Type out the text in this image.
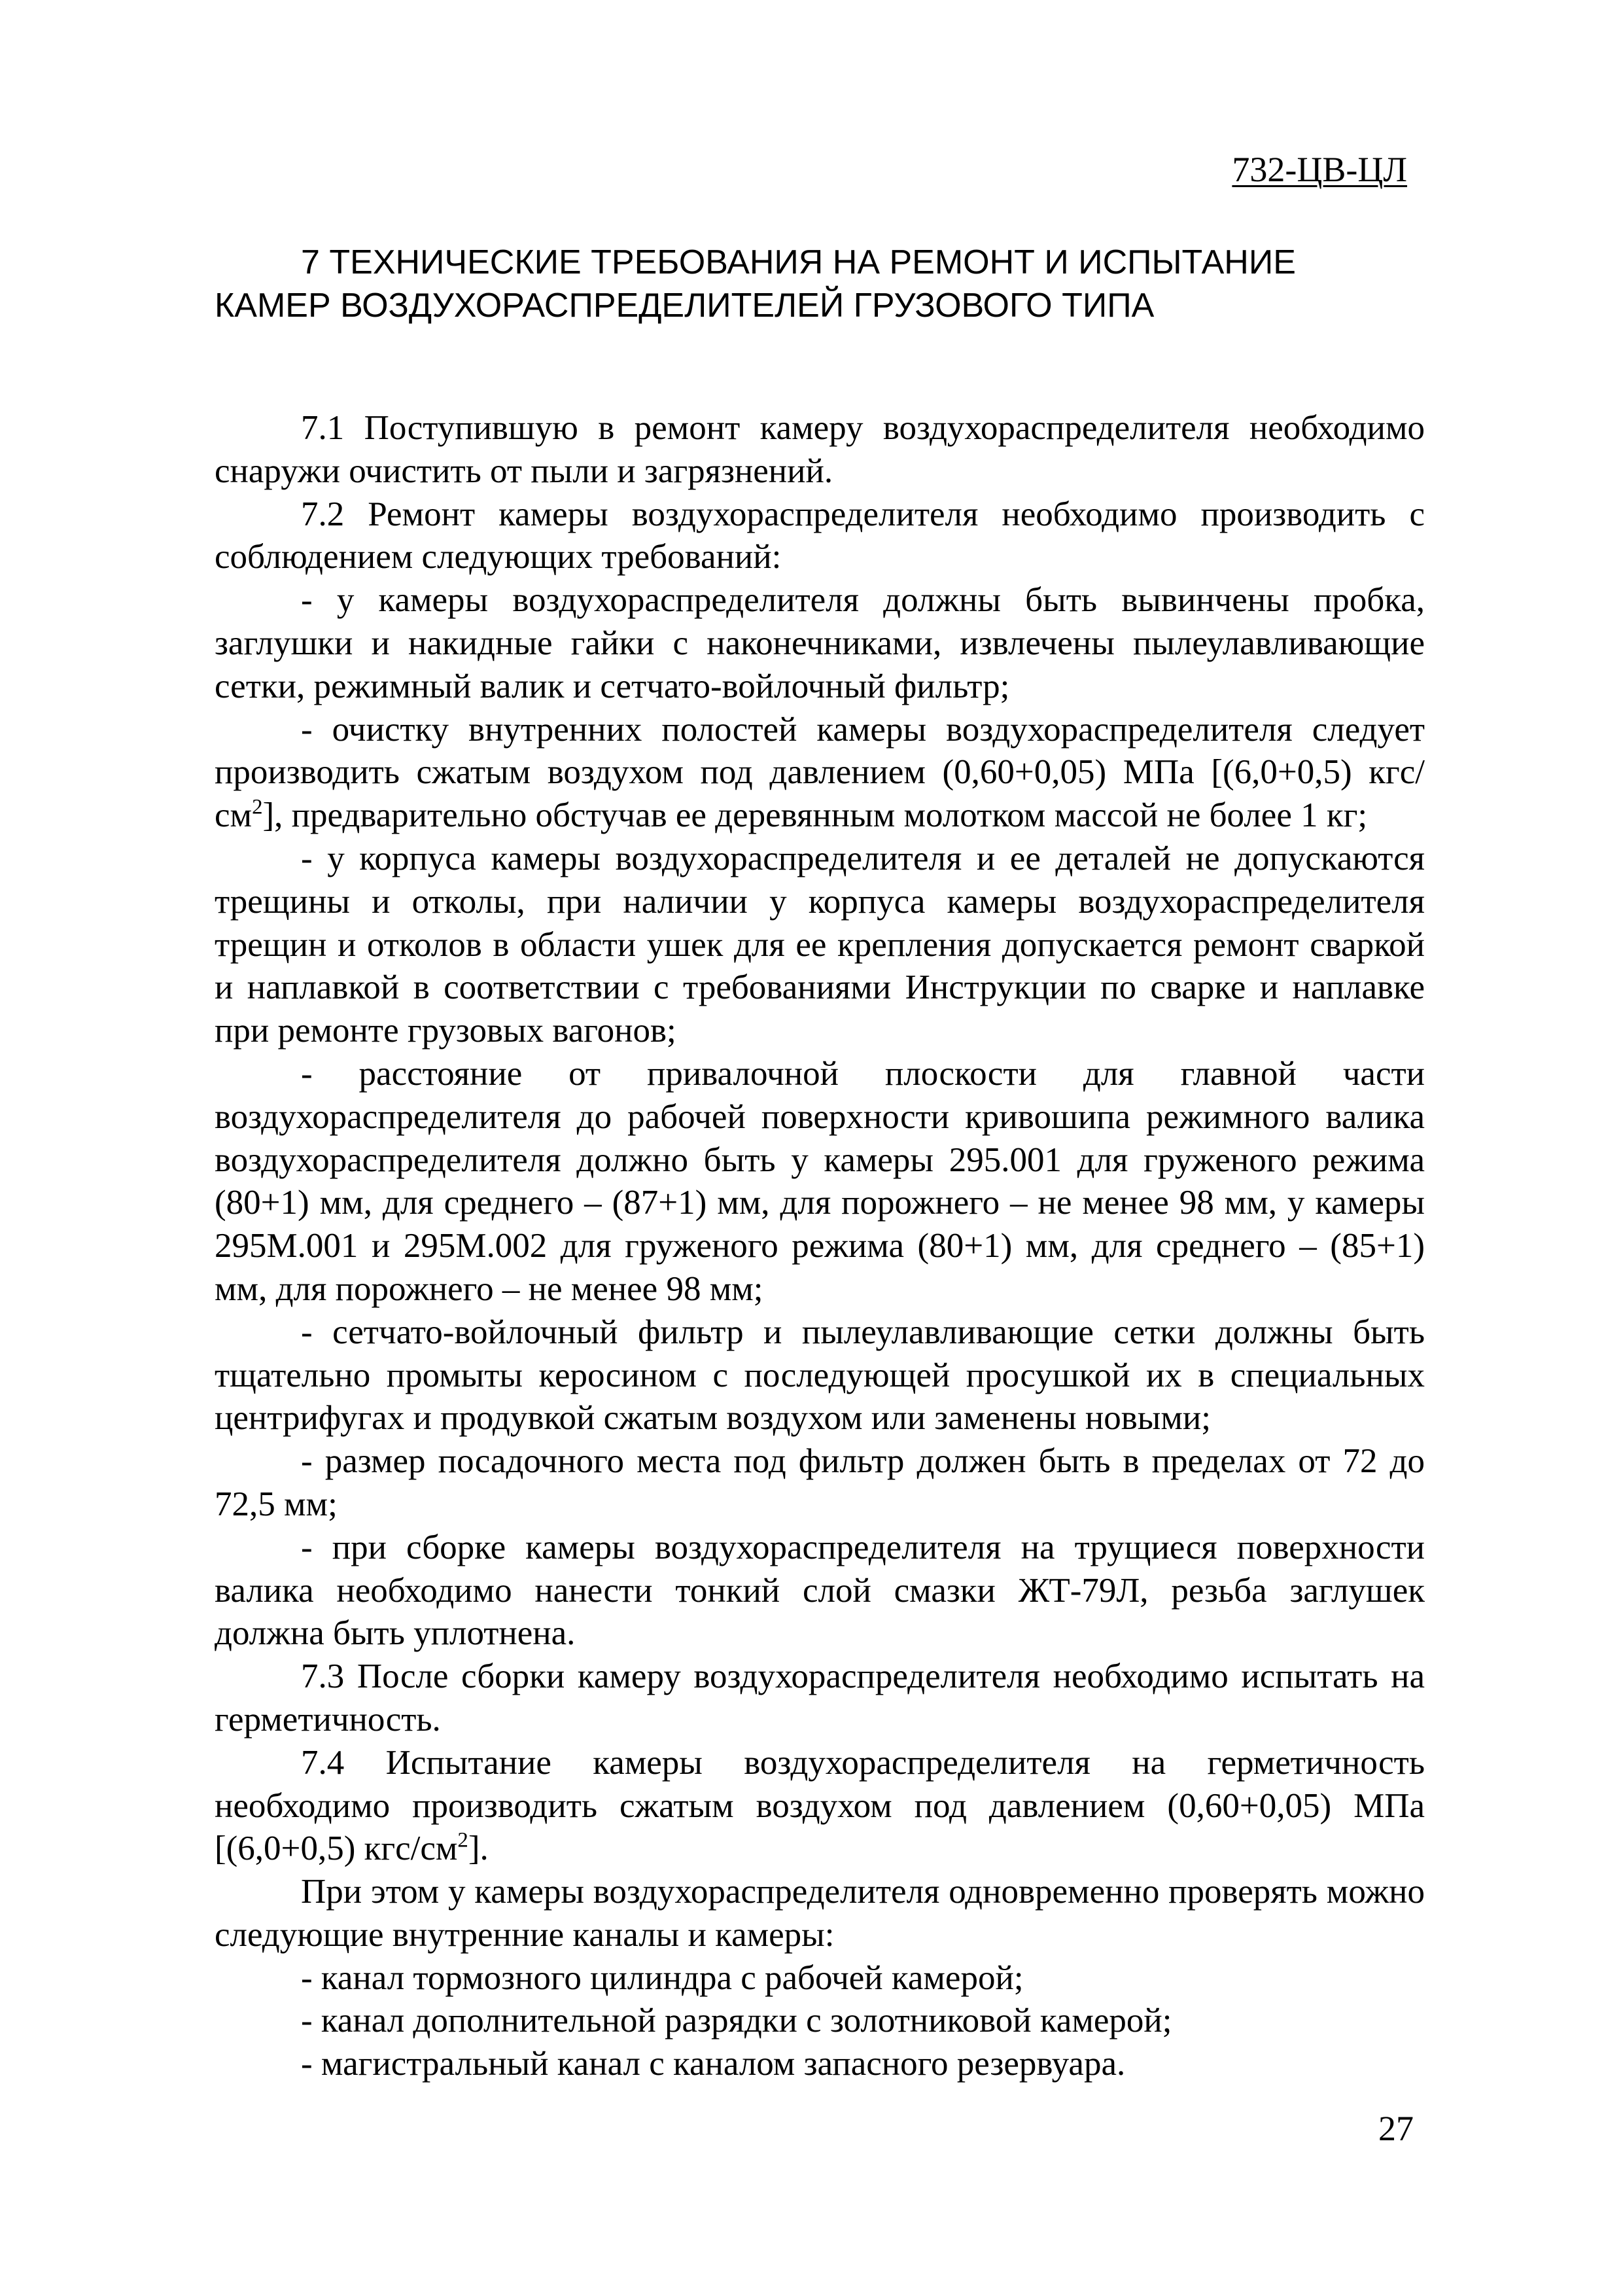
732-ЦВ-ЦЛ
7 ТЕХНИЧЕСКИЕ ТРЕБОВАНИЯ НА РЕМОНТ И ИСПЫТАНИЕ
КАМЕР ВОЗДУХОРАСПРЕДЕЛИТЕЛЕЙ ГРУЗОВОГО ТИПА

7.1 Поступившую в ремонт камеру воздухораспределителя необходимо снаружи очистить от пыли и загрязнений.

7.2 Ремонт камеры воздухораспределителя необходимо производить с соблюдением следующих требований:

- у камеры воздухораспределителя должны быть вывинчены пробка, заглушки и накидные гайки с наконечниками, извлечены пылеулавливающие сетки, режимный валик и сетчато-войлочный фильтр;

- очистку внутренних полостей камеры воздухораспределителя следует производить сжатым воздухом под давлением (0,60+0,05) МПа [(6,0+0,5) кгс/$см^2$], предварительно обстучав ее деревянным молотком массой не более 1 кг;

- у корпуса камеры воздухораспределителя и ее деталей не допускаются трещины и отколы, при наличии у корпуса камеры воздухораспределителя трещин и отколов в области ушек для ее крепления допускается ремонт сваркой и наплавкой в соответствии с требованиями Инструкции по сварке и наплавке при ремонте грузовых вагонов;

- расстояние от привалочной плоскости для главной части воздухораспределителя до рабочей поверхности кривошипа режимного валика воздухораспределителя должно быть у камеры 295.001 для груженого режима (80+1) мм, для среднего – (87+1) мм, для порожнего – не менее 98 мм, у камеры 295М.001 и 295М.002 для груженого режима (80+1) мм, для среднего – (85+1) мм, для порожнего – не менее 98 мм;

- сетчато-войлочный фильтр и пылеулавливающие сетки должны быть тщательно промыты керосином с последующей просушкой их в специальных центрифугах и продувкой сжатым воздухом или заменены новыми;

- размер посадочного места под фильтр должен быть в пределах от 72 до 72,5 мм;

- при сборке камеры воздухораспределителя на трущиеся поверхности валика необходимо нанести тонкий слой смазки ЖТ-79Л, резьба заглушек должна быть уплотнена.

7.3 После сборки камеру воздухораспределителя необходимо испытать на герметичность.

7.4 Испытание камеры воздухораспределителя на герметичность необходимо производить сжатым воздухом под давлением (0,60+0,05) МПа [(6,0+0,5) кгс/$см^2$].

При этом у камеры воздухораспределителя одновременно проверять можно следующие внутренние каналы и камеры:

- канал тормозного цилиндра с рабочей камерой;

- канал дополнительной разрядки с золотниковой камерой;

- магистральный канал с каналом запасного резервуара.

27
